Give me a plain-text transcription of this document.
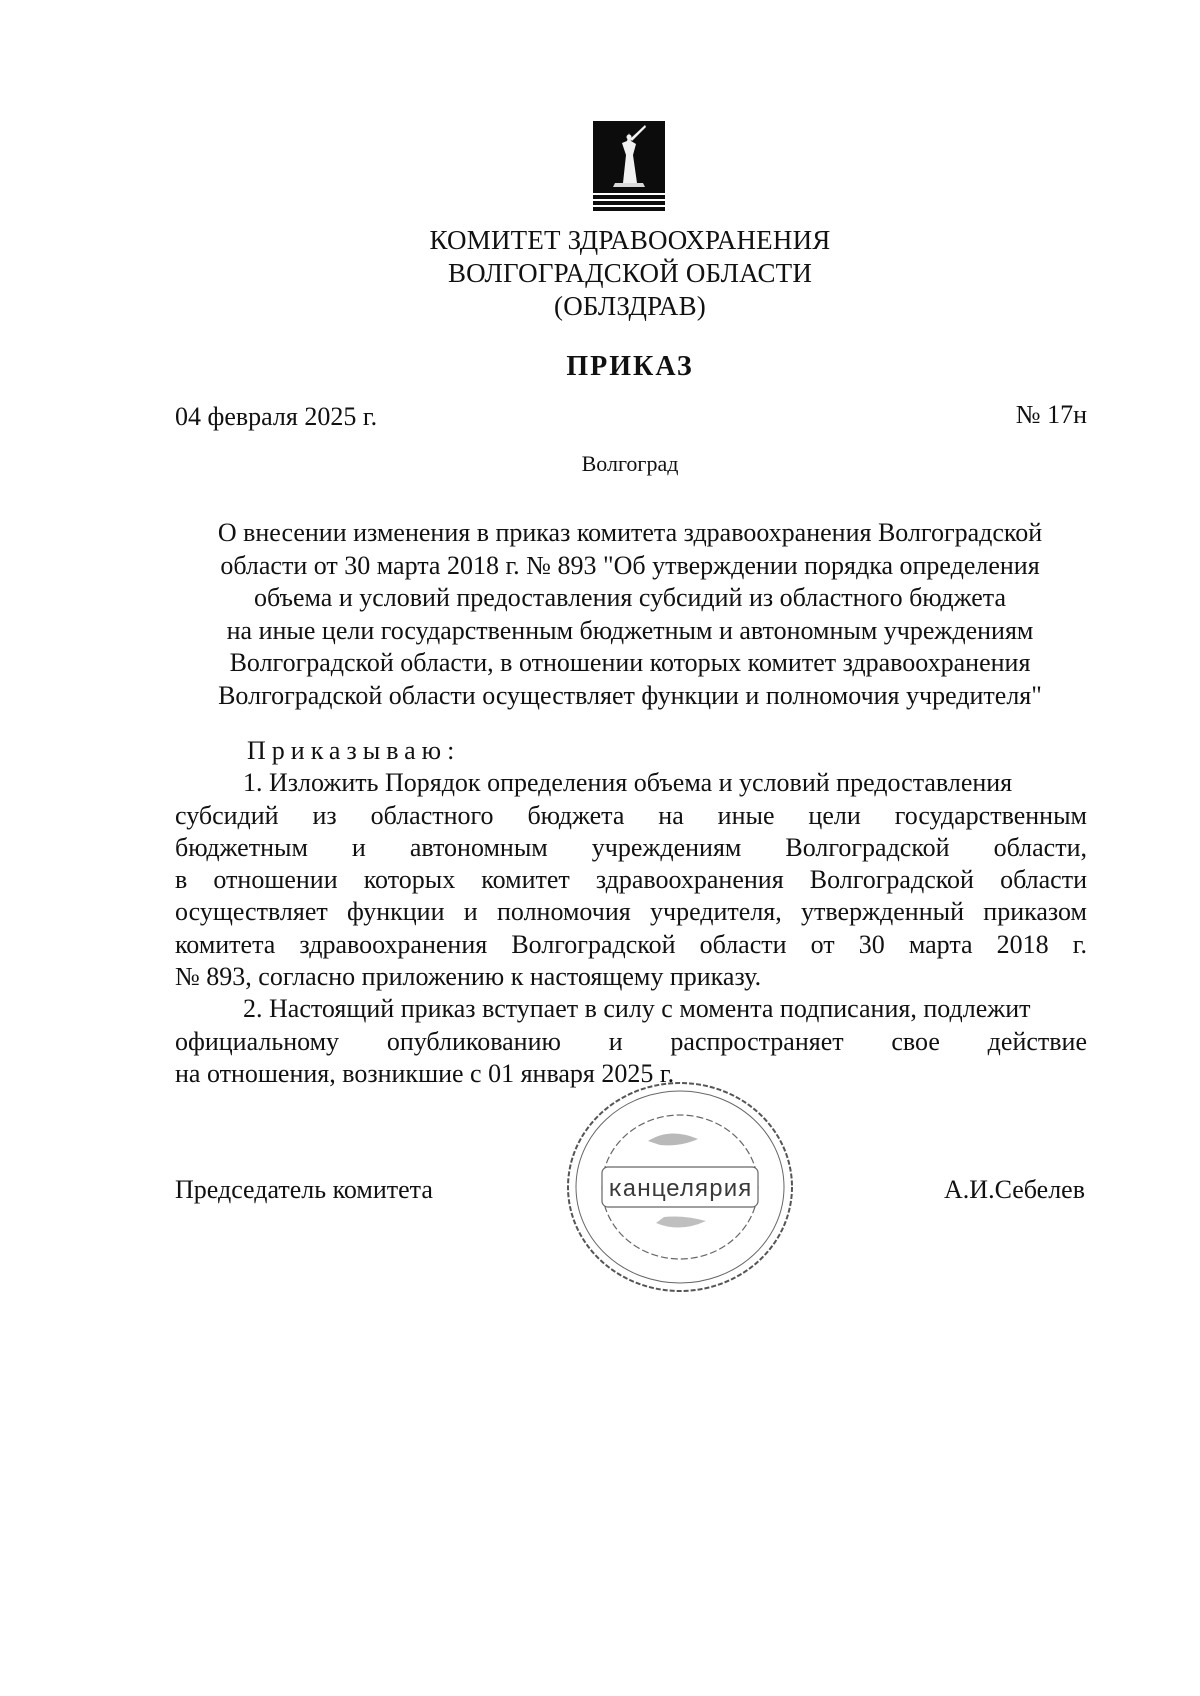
КОМИТЕТ ЗДРАВООХРАНЕНИЯ
ВОЛГОГРАДСКОЙ ОБЛАСТИ
(ОБЛЗДРАВ)
ПРИКАЗ
04 февраля 2025 г.	№ 17н
Волгоград
О внесении изменения в приказ комитета здравоохранения Волгоградской
области от 30 марта 2018 г. № 893 "Об утверждении порядка определения
объема и условий предоставления субсидий из областного бюджета
на иные цели государственным бюджетным и автономным учреждениям
Волгоградской области, в отношении которых комитет здравоохранения
Волгоградской области осуществляет функции и полномочия учредителя"
Приказываю:
1. Изложить Порядок определения объема и условий предоставления
субсидий из областного бюджета на иные цели государственным
бюджетным и автономным учреждениям Волгоградской области,
в отношении которых комитет здравоохранения Волгоградской области
осуществляет функции и полномочия учредителя, утвержденный приказом
комитета здравоохранения Волгоградской области от 30 марта 2018 г.
№ 893, согласно приложению к настоящему приказу.
2. Настоящий приказ вступает в силу с момента подписания, подлежит
официальному опубликованию и распространяет свое действие
на отношения, возникшие с 01 января 2025 г.
канцелярия
Председатель комитета	А.И.Себелев
